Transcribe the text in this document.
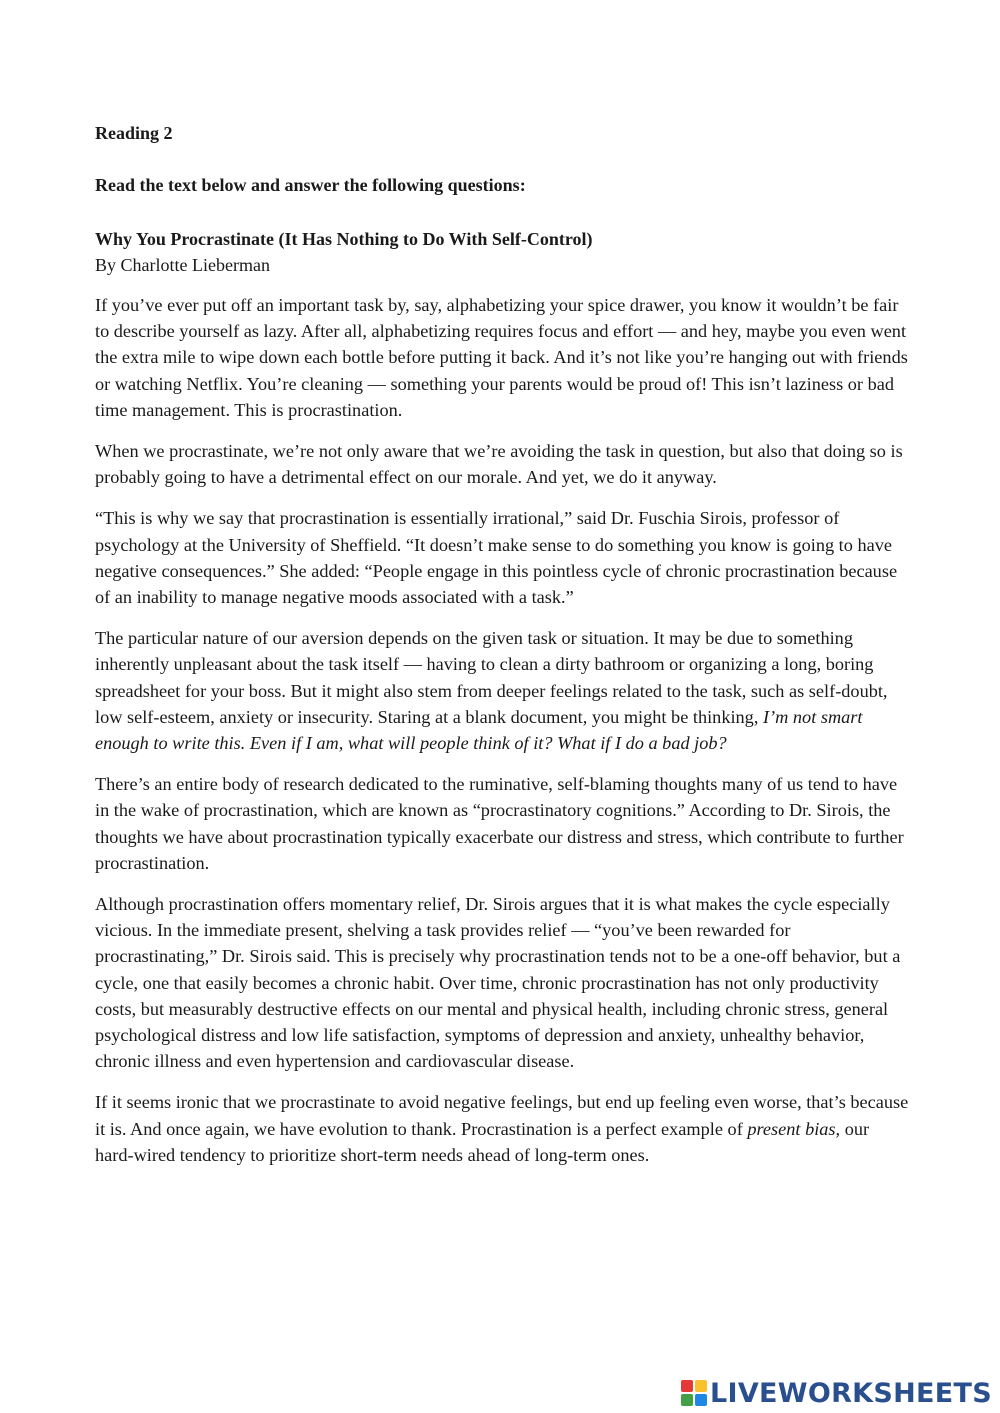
Reading 2
Read the text below and answer the following questions:
Why You Procrastinate (It Has Nothing to Do With Self-Control)
By Charlotte Lieberman

If you’ve ever put off an important task by, say, alphabetizing your spice drawer, you know it wouldn’t be fair to describe yourself as lazy. After all, alphabetizing requires focus and effort — and hey, maybe you even went the extra mile to wipe down each bottle before putting it back. And it’s not like you’re hanging out with friends or watching Netflix. You’re cleaning — something your parents would be proud of! This isn’t laziness or bad time management. This is procrastination.

When we procrastinate, we’re not only aware that we’re avoiding the task in question, but also that doing so is probably going to have a detrimental effect on our morale. And yet, we do it anyway.

“This is why we say that procrastination is essentially irrational,” said Dr. Fuschia Sirois, professor of psychology at the University of Sheffield. “It doesn’t make sense to do something you know is going to have negative consequences.” She added: “People engage in this pointless cycle of chronic procrastination because of an inability to manage negative moods associated with a task.”

The particular nature of our aversion depends on the given task or situation. It may be due to something inherently unpleasant about the task itself — having to clean a dirty bathroom or organizing a long, boring spreadsheet for your boss. But it might also stem from deeper feelings related to the task, such as self-doubt, low self-esteem, anxiety or insecurity. Staring at a blank document, you might be thinking, I’m not smart enough to write this. Even if I am, what will people think of it? What if I do a bad job?

There’s an entire body of research dedicated to the ruminative, self-blaming thoughts many of us tend to have in the wake of procrastination, which are known as “procrastinatory cognitions.” According to Dr. Sirois, the thoughts we have about procrastination typically exacerbate our distress and stress, which contribute to further procrastination.

Although procrastination offers momentary relief, Dr. Sirois argues that it is what makes the cycle especially vicious. In the immediate present, shelving a task provides relief — “you’ve been rewarded for procrastinating,” Dr. Sirois said. This is precisely why procrastination tends not to be a one-off behavior, but a cycle, one that easily becomes a chronic habit. Over time, chronic procrastination has not only productivity costs, but measurably destructive effects on our mental and physical health, including chronic stress, general psychological distress and low life satisfaction, symptoms of depression and anxiety, unhealthy behavior, chronic illness and even hypertension and cardiovascular disease.

If it seems ironic that we procrastinate to avoid negative feelings, but end up feeling even worse, that’s because it is. And once again, we have evolution to thank. Procrastination is a perfect example of present bias, our hard-wired tendency to prioritize short-term needs ahead of long-term ones.

LIVEWORKSHEETS
